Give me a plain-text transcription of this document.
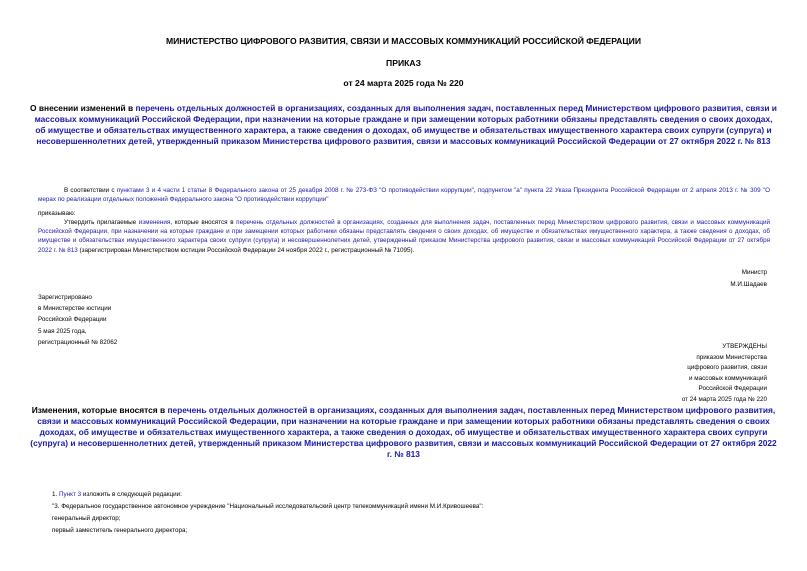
МИНИСТЕРСТВО ЦИФРОВОГО РАЗВИТИЯ, СВЯЗИ И МАССОВЫХ КОММУНИКАЦИЙ РОССИЙСКОЙ ФЕДЕРАЦИИ
ПРИКАЗ
от 24 марта 2025 года № 220
О внесении изменений в перечень отдельных должностей в организациях, созданных для выполнения задач, поставленных перед Министерством цифрового развития, связи и массовых коммуникаций Российской Федерации, при назначении на которые граждане и при замещении которых работники обязаны представлять сведения о своих доходах, об имуществе и обязательствах имущественного характера, а также сведения о доходах, об имуществе и обязательствах имущественного характера своих супруги (супруга) и несовершеннолетних детей, утвержденный приказом Министерства цифрового развития, связи и массовых коммуникаций Российской Федерации от 27 октября 2022 г. № 813
В соответствии с пунктами 3 и 4 части 1 статьи 8 Федерального закона от 25 декабря 2008 г. № 273-ФЗ "О противодействии коррупции", подпунктом "а" пункта 22 Указа Президента Российской Федерации от 2 апреля 2013 г. № 309 "О мерах по реализации отдельных положений Федерального закона "О противодействии коррупции"
приказываю:
Утвердить прилагаемые изменения, которые вносятся в перечень отдельных должностей в организациях, созданных для выполнения задач, поставленных перед Министерством цифрового развития, связи и массовых коммуникаций Российской Федерации, при назначении на которые граждане и при замещении которых работники обязаны представлять сведения о своих доходах, об имуществе и обязательствах имущественного характера, а также сведения о доходах, об имуществе и обязательствах имущественного характера своих супруги (супруга) и несовершеннолетних детей, утвержденный приказом Министерства цифрового развития, связи и массовых коммуникаций Российской Федерации от 27 октября 2022 г. № 813 (зарегистрирован Министерством юстиции Российской Федерации 24 ноября 2022 г., регистрационный № 71095).
Министр
М.И.Шадаев
Зарегистрировано
в Министерстве юстиции
Российской Федерации
5 мая 2025 года,
регистрационный № 82062
УТВЕРЖДЕНЫ
приказом Министерства
цифрового развития, связи
и массовых коммуникаций
Российской Федерации
от 24 марта 2025 года № 220
Изменения, которые вносятся в перечень отдельных должностей в организациях, созданных для выполнения задач, поставленных перед Министерством цифрового развития, связи и массовых коммуникаций Российской Федерации, при назначении на которые граждане и при замещении которых работники обязаны представлять сведения о своих доходах, об имуществе и обязательствах имущественного характера, а также сведения о доходах, об имуществе и обязательствах имущественного характера своих супруги (супруга) и несовершеннолетних детей, утвержденный приказом Министерства цифрового развития, связи и массовых коммуникаций Российской Федерации от 27 октября 2022 г. № 813
1. Пункт 3 изложить в следующей редакции:
"3. Федеральное государственное автономное учреждение "Национальный исследовательский центр телекоммуникаций имени М.И.Кривошеева":
генеральный директор;
первый заместитель генерального директора;
